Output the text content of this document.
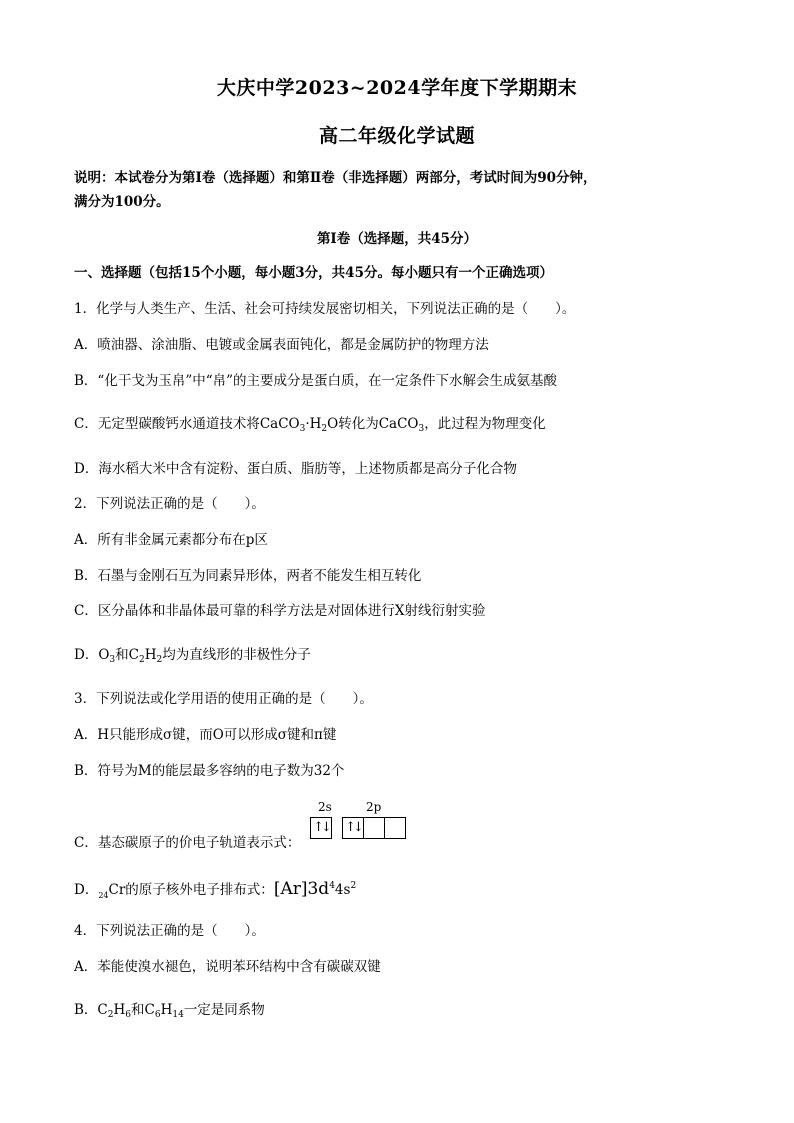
大庆中学2023~2024学年度下学期期末
高二年级化学试题
说明：本试卷分为第Ⅰ卷（选择题）和第Ⅱ卷（非选择题）两部分，考试时间为90分钟，
满分为100分。
第Ⅰ卷（选择题，共45分）
一、选择题（包括15个小题，每小题3分，共45分。每小题只有一个正确选项）
1．化学与人类生产、生活、社会可持续发展密切相关，下列说法正确的是（　　）。
A．喷油器、涂油脂、电镀或金属表面钝化，都是金属防护的物理方法
B．“化干戈为玉帛”中“帛”的主要成分是蛋白质，在一定条件下水解会生成氨基酸
C．无定型碳酸钙水通道技术将$CaCO_3\cdot H_2O$转化为CaCO$_3$，此过程为物理变化
D．海水稻大米中含有淀粉、蛋白质、脂肪等，上述物质都是高分子化合物
2．下列说法正确的是（　　）。
A．所有非金属元素都分布在p区
B．石墨与金刚石互为同素异形体，两者不能发生相互转化
C．区分晶体和非晶体最可靠的科学方法是对固体进行X射线衍射实验
D．$O_3$和$C_2H_2$均为直线形的非极性分子
3．下列说法或化学用语的使用正确的是（　　）。
A．H只能形成σ键，而O可以形成σ键和π键
B．符号为M的能层最多容纳的电子数为32个
2s	2p
↑↓ ↑↓
C．基态碳原子的价电子轨道表示式：
D．$_{24}$Cr的原子核外电子排布式：$[Ar]3d^44s^2$
4．下列说法正确的是（　　）。
A．苯能使溴水褪色，说明苯环结构中含有碳碳双键
B．$C_2H_6$和$C_6H_{14}$一定是同系物
